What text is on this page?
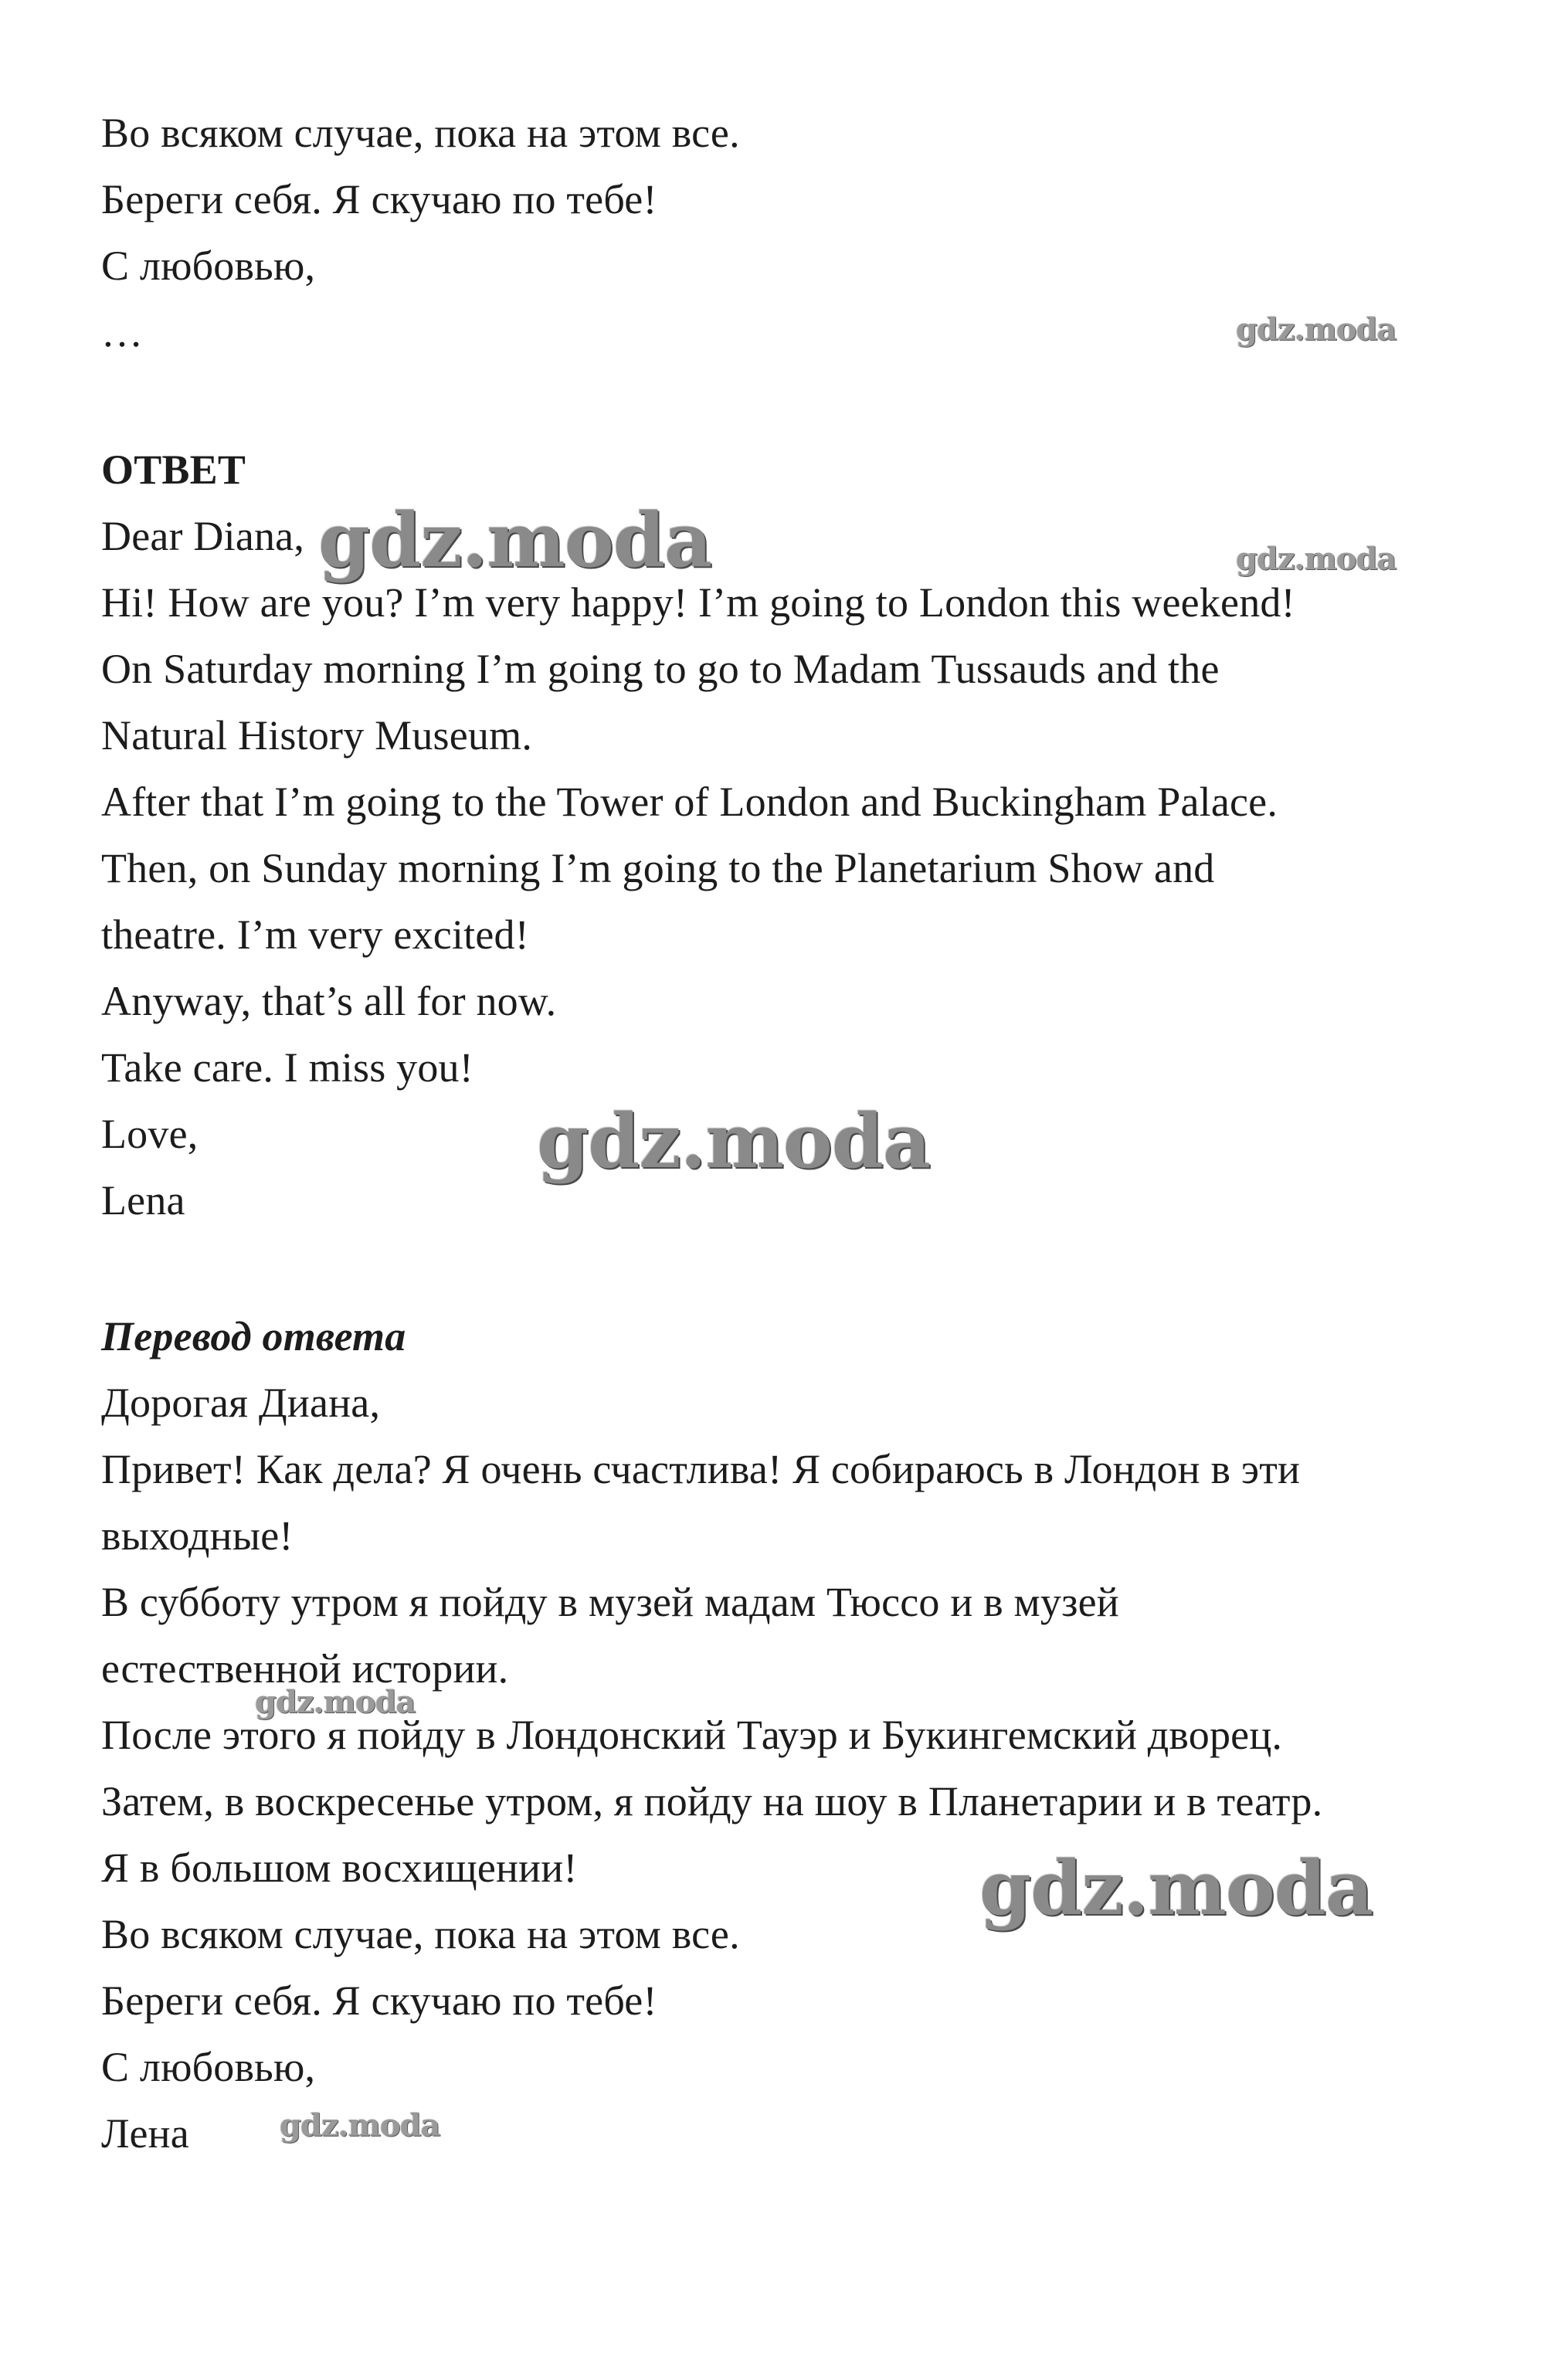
Во всяком случае, пока на этом все.
Береги себя. Я скучаю по тебе!
С любовью,
…
ОТВЕТ
Dear Diana,
Hi! How are you? I’m very happy! I’m going to London this weekend!
On Saturday morning I’m going to go to Madam Tussauds and the
Natural History Museum.
After that I’m going to the Tower of London and Buckingham Palace.
Then, on Sunday morning I’m going to the Planetarium Show and
theatre. I’m very excited!
Anyway, that’s all for now.
Take care. I miss you!
Love,
Lena
Перевод ответа
Дорогая Диана,
Привет! Как дела? Я очень счастлива! Я собираюсь в Лондон в эти
выходные!
В субботу утром я пойду в музей мадам Тюссо и в музей
естественной истории.
После этого я пойду в Лондонский Тауэр и Букингемский дворец.
Затем, в воскресенье утром, я пойду на шоу в Планетарии и в театр.
Я в большом восхищении!
Во всяком случае, пока на этом все.
Береги себя. Я скучаю по тебе!
С любовью,
Лена
gdz.moda
gdz.moda	gdz.moda
gdz.moda
gdz.moda
gdz.moda
gdz.moda
